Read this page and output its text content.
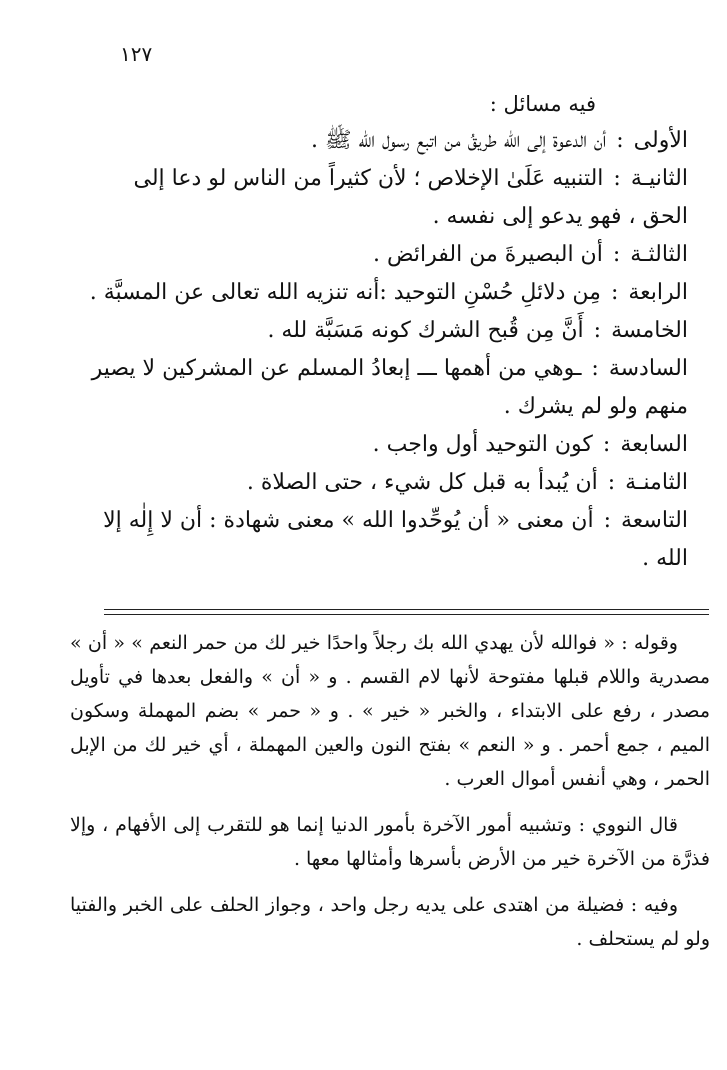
١٢٧
فيه مسائل :
الأولى
:
أن الدعوة إلى الله طريقُ من اتبع رسول الله ﷺ .
الثانيـة
:
التنبيه عَلَىٰ الإخلاص ؛ لأن كثيراً من الناس لو دعا إلى
الحق ، فهو يدعو إلى نفسه .
الثالثـة
:
أن البصيرةَ من الفرائض .
الرابعة
:
مِن دلائلِ حُسْنِ التوحيد :أنه تنزيه الله تعالى عن المسبَّة .
الخامسة
:
أَنَّ مِن قُبح الشرك كونه مَسَبَّة لله .
السادسة
:
ـوهي من أهمها ـــ إبعادُ المسلم عن المشركين لا يصير
منهم ولو لم يشرك .
السابعة
:
كون التوحيد أول واجب .
الثامنـة
:
أن يُبدأ به قبل كل شيء ، حتى الصلاة .
التاسعة
:
أن معنى « أن يُوحِّدوا الله » معنى شهادة : أن لا إِلٰه إلا
الله .

وقوله : « فوالله لأن يهدي الله بك رجلاً واحدًا خير لك من حمر النعم » « أن » مصدرية واللام قبلها مفتوحة لأنها لام القسم . و « أن » والفعل بعدها في تأويل مصدر ، رفع على الابتداء ، والخبر « خير » . و « حمر » بضم المهملة وسكون الميم ، جمع أحمر . و « النعم » بفتح النون والعين المهملة ، أي خير لك من الإبل الحمر ، وهي أنفس أموال العرب .

قال النووي : وتشبيه أمور الآخرة بأمور الدنيا إنما هو للتقرب إلى الأفهام ، وإلا فذرَّة من الآخرة خير من الأرض بأسرها وأمثالها معها .

وفيه : فضيلة من اهتدى على يديه رجل واحد ، وجواز الحلف على الخبر والفتيا ولو لم يستحلف .
